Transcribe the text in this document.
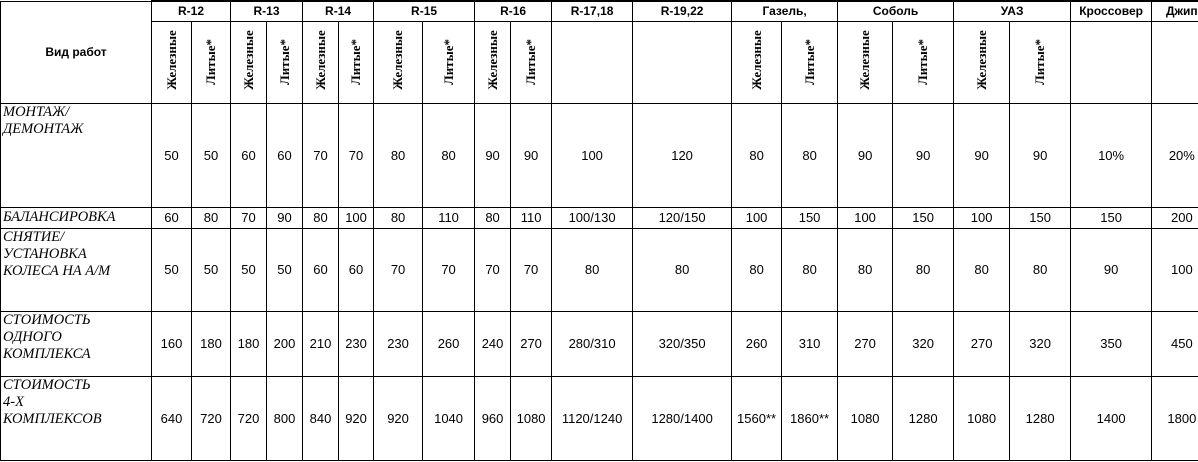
Вид работ	R-12		R-13		R-14		R-15		R-16		R-17,18	R-19,22	Газель,		Соболь		УАЗ		Кроссовер	Джип

	Железные	Литые*	Железные	Литые*	Железные	Литые*	Железные	Литые*	Железные	Литые*			Железные	Литые*	Железные	Литые*	Железные	Литые*		

МОНТАЖ/
ДЕМОНТАЖ	50	50	60	60	70	70	80	80	90	90	100	120	80	80	90	90	90	90	10%	20%
БАЛАНСИРОВКА	60	80	70	90	80	100	80	110	80	110	100/130	120/150	100	150	100	150	100	150	150	200
СНЯТИЕ/
УСТАНОВКА
КОЛЕСА НА А/М	50	50	50	50	60	60	70	70	70	70	80	80	80	80	80	80	80	80	90	100
СТОИМОСТЬ
ОДНОГО
КОМПЛЕКСА	160	180	180	200	210	230	230	260	240	270	280/310	320/350	260	310	270	320	270	320	350	450
СТОИМОСТЬ
4-Х
КОМПЛЕКСОВ	640	720	720	800	840	920	920	1040	960	1080	1120/1240	1280/1400	1560**	1860**	1080	1280	1080	1280	1400	1800
